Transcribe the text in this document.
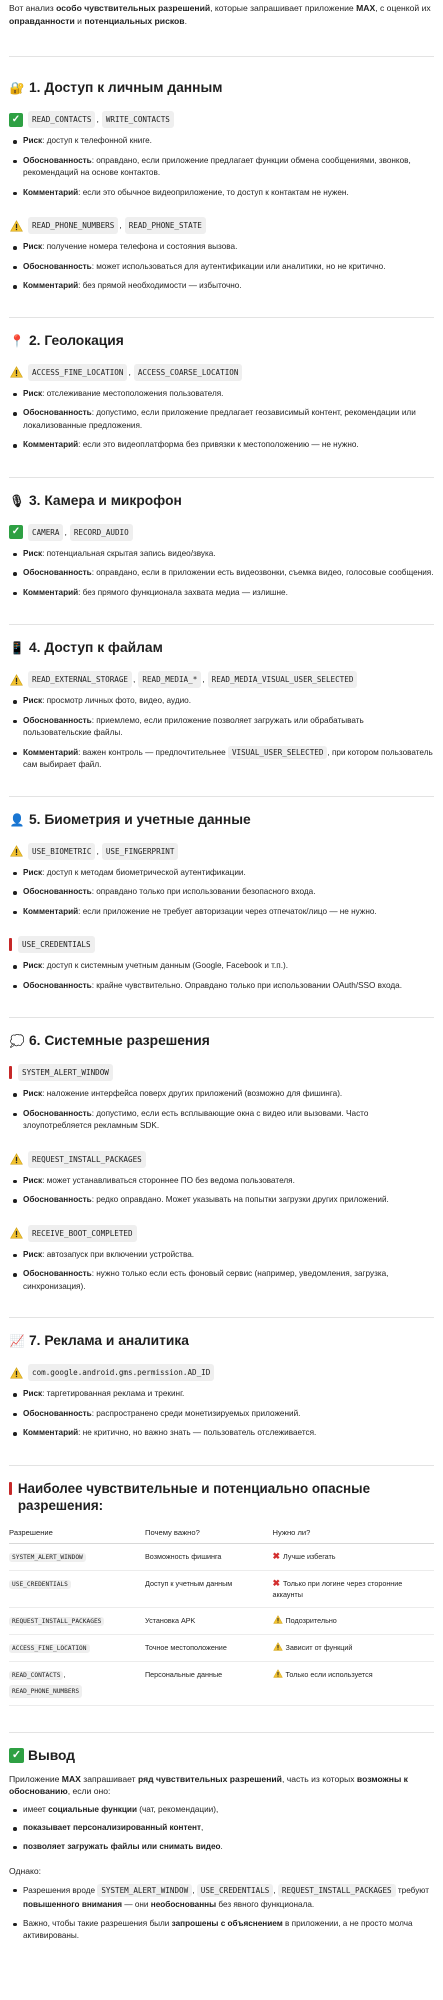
Вот анализ особо чувствительных разрешений, которые запрашивает приложение MAX, с оценкой их оправданности и потенциальных рисков.

🔐 1. Доступ к личным данным
✓	READ_CONTACTS , WRITE_CONTACTS
Риск: доступ к телефонной книге.
Обоснованность: оправдано, если приложение предлагает функции обмена сообщениями, звонков, рекомендаций на основе контактов.
Комментарий: если это обычное видеоприложение, то доступ к контактам не нужен.
READ_PHONE_NUMBERS , READ_PHONE_STATE
Риск: получение номера телефона и состояния вызова.
Обоснованность: может использоваться для аутентификации или аналитики, но не критично.
Комментарий: без прямой необходимости — избыточно.
📍 2. Геолокация
ACCESS_FINE_LOCATION , ACCESS_COARSE_LOCATION
Риск: отслеживание местоположения пользователя.
Обоснованность: допустимо, если приложение предлагает геозависимый контент, рекомендации или локализованные предложения.
Комментарий: если это видеоплатформа без привязки к местоположению — не нужно.
🎙 3. Камера и микрофон
✓	CAMERA , RECORD_AUDIO
Риск: потенциальная скрытая запись видео/звука.
Обоснованность: оправдано, если в приложении есть видеозвонки, съемка видео, голосовые сообщения.
Комментарий: без прямого функционала захвата медиа — излишне.
📱 4. Доступ к файлам
READ_EXTERNAL_STORAGE , READ_MEDIA_* , READ_MEDIA_VISUAL_USER_SELECTED
Риск: просмотр личных фото, видео, аудио.
Обоснованность: приемлемо, если приложение позволяет загружать или обрабатывать пользовательские файлы.
Комментарий: важен контроль — предпочтительнее VISUAL_USER_SELECTED , при котором пользователь сам выбирает файл.
👤 5. Биометрия и учетные данные
USE_BIOMETRIC , USE_FINGERPRINT
Риск: доступ к методам биометрической аутентификации.
Обоснованность: оправдано только при использовании безопасного входа.
Комментарий: если приложение не требует авторизации через отпечаток/лицо — не нужно.
USE_CREDENTIALS
Риск: доступ к системным учетным данным (Google, Facebook и т.п.).
Обоснованность: крайне чувствительно. Оправдано только при использовании OAuth/SSO входа.
💭 6. Системные разрешения
SYSTEM_ALERT_WINDOW
Риск: наложение интерфейса поверх других приложений (возможно для фишинга).
Обоснованность: допустимо, если есть всплывающие окна с видео или вызовами. Часто злоупотребляется рекламным SDK.
REQUEST_INSTALL_PACKAGES
Риск: может устанавливаться стороннее ПО без ведома пользователя.
Обоснованность: редко оправдано. Может указывать на попытки загрузки других приложений.
RECEIVE_BOOT_COMPLETED
Риск: автозапуск при включении устройства.
Обоснованность: нужно только если есть фоновый сервис (например, уведомления, загрузка, синхронизация).
📈 7. Реклама и аналитика
com.google.android.gms.permission.AD_ID
Риск: таргетированная реклама и трекинг.
Обоснованность: распространено среди монетизируемых приложений.
Комментарий: не критично, но важно знать — пользователь отслеживается.
Наиболее чувствительные и потенциально опасные разрешения:
Разрешение	Почему важно?	Нужно ли?
SYSTEM_ALERT_WINDOW	Возможность фишинга	✖ Лучше избегать
USE_CREDENTIALS	Доступ к учетным данным	✖ Только при логине через сторонние аккаунты
REQUEST_INSTALL_PACKAGES	Установка APK	Подозрительно
ACCESS_FINE_LOCATION	Точное местоположение	Зависит от функций
READ_CONTACTS ,
READ_PHONE_NUMBERS	Персональные данные	Только если используется
✓ Вывод

Приложение MAX запрашивает ряд чувствительных разрешений, часть из которых возможны к обоснованию, если оно:

имеет социальные функции (чат, рекомендации),
показывает персонализированный контент,
позволяет загружать файлы или снимать видео.

Однако:

Разрешения вроде SYSTEM_ALERT_WINDOW , USE_CREDENTIALS , REQUEST_INSTALL_PACKAGES требуют повышенного внимания — они необоснованны без явного функционала.
Важно, чтобы такие разрешения были запрошены с объяснением в приложении, а не просто молча активированы.
